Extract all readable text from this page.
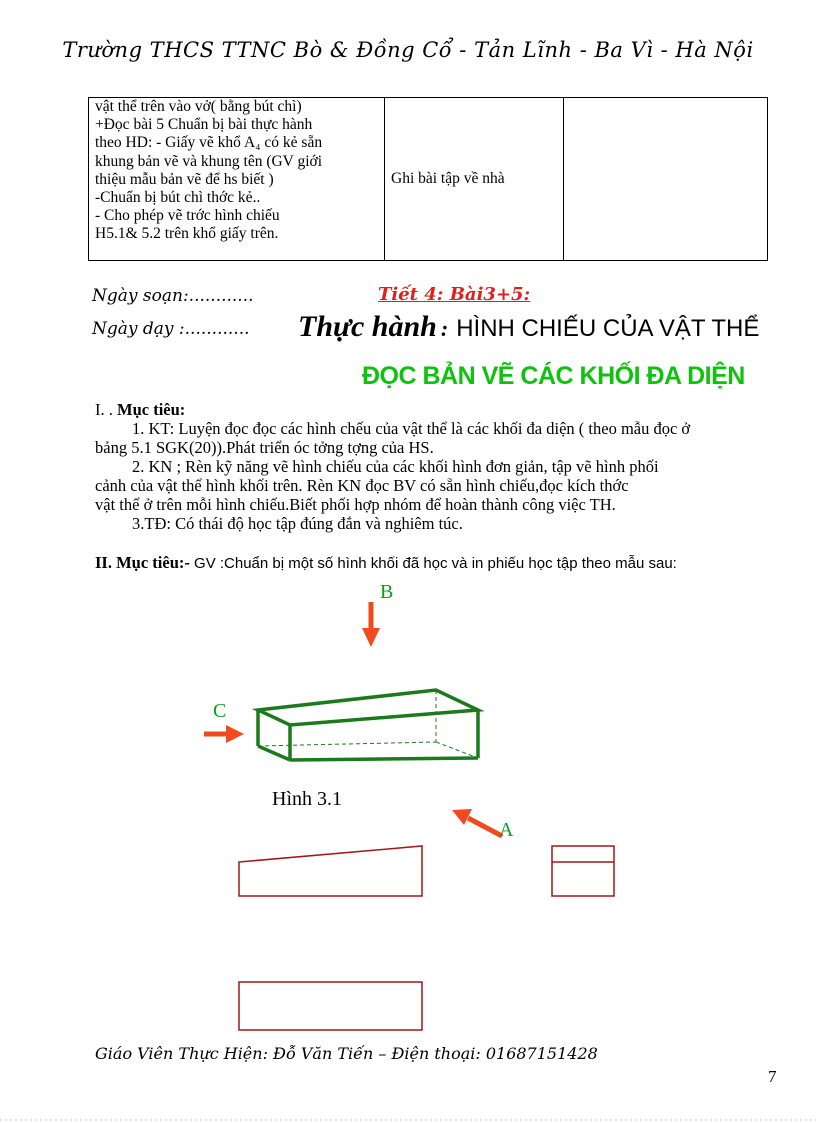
Trường THCS TTNC Bò & Đồng Cổ - Tản Lĩnh - Ba Vì - Hà Nội
vật thể trên vào vở( bằng bút chì)
+Đọc bài 5 Chuẩn bị bài thực hành
theo HD: - Giấy vẽ khổ A₄ có kẻ sẵn
khung bản vẽ và khung tên (GV giới
thiệu mẫu bản vẽ để hs biết )
-Chuẩn bị bút chì thớc kẻ..
- Cho phép vẽ trớc hình chiếu
H5.1& 5.2 trên khổ giấy trên.
	Ghi bài tập về nhà	
Ngày soạn:............	Tiết 4: Bài3+5:
Ngày dạy :............ Thực hành : HÌNH CHIẾU CỦA VẬT THỂ
ĐỌC BẢN VẼ CÁC KHỐI ĐA DIỆN
I. . Mục tiêu:
1. KT: Luyện đọc đọc các hình chếu của vật thể là các khối đa diện ( theo mẫu đọc ở
bảng 5.1 SGK(20)).Phát triển óc tởng tợng của HS.
2. KN ; Rèn kỹ năng vẽ hình chiếu của các khối hình đơn giản, tập vẽ hình phối
cảnh của vật thể hình khối trên. Rèn KN đọc BV có sẵn hình chiếu,đọc kích thớc
vật thể ở trên mỗi hình chiếu.Biết phối hợp nhóm để hoàn thành công việc TH.
3.TĐ: Có thái độ học tập đúng đắn và nghiêm túc.
II. Mục tiêu:- GV :Chuẩn bị một số hình khối đã học và in phiếu học tập theo mẫu sau:
B
C
A
Hình 3.1
Giáo Viên Thực Hiện: Đỗ Văn Tiến – Điện thoại: 01687151428
7
